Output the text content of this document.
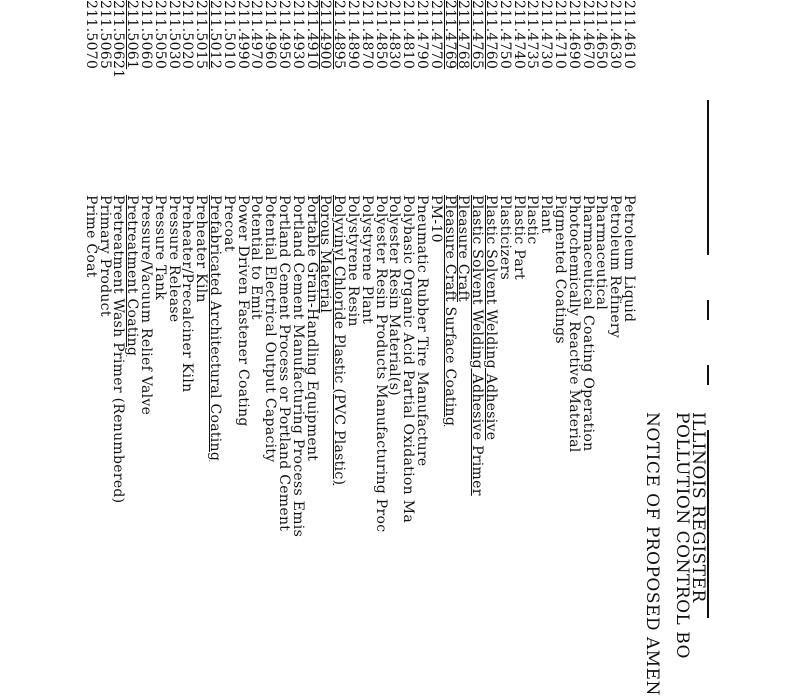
ILLINOIS REGISTER
POLLUTION CONTROL BO
NOTICE OF PROPOSED AMEN
211.4610
Petroleum Liquid
211.4630
Petroleum Refinery
211.4650
Pharmaceutical
211.4670
Pharmaceutical Coating Operation
211.4690
Photochemically Reactive Material
211.4710
Pigmented Coatings
211.4730
Plant
211.4735
Plastic
211.4740
Plastic Part
211.4750
Plasticizers
211.4760
Plastic Solvent Welding Adhesive
211.4765
Plastic Solvent Welding Adhesive Primer
211.4768
Pleasure Craft
211.4769
Pleasure Craft Surface Coating
211.4770
PM-10
211.4790
Pneumatic Rubber Tire Manufacture
211.4810
Polybasic Organic Acid Partial Oxidation Ma
211.4830
Polyester Resin Material(s)
211.4850
Polyester Resin Products Manufacturing Proc
211.4870
Polystyrene Plant
211.4890
Polystyrene Resin
211.4895
Polyvinyl Chloride Plastic (PVC Plastic)
211.4900
Porous Material
211.4910
Portable Grain-Handling Equipment
211.4930
Portland Cement Manufacturing Process Emis
211.4950
Portland Cement Process or Portland Cement
211.4960
Potential Electrical Output Capacity
211.4970
Potential to Emit
211.4990
Power Driven Fastener Coating
211.5010
Precoat
211.5012
Prefabricated Architectural Coating
211.5015
Preheater Kiln
211.5020
Preheater/Precalciner Kiln
211.5030
Pressure Release
211.5050
Pressure Tank
211.5060
Pressure/Vacuum Relief Valve
211.5061
Pretreatment Coating
211.50621
Pretreatment Wash Primer (Renumbered)
211.5065
Primary Product
211.5070
Prime Coat
